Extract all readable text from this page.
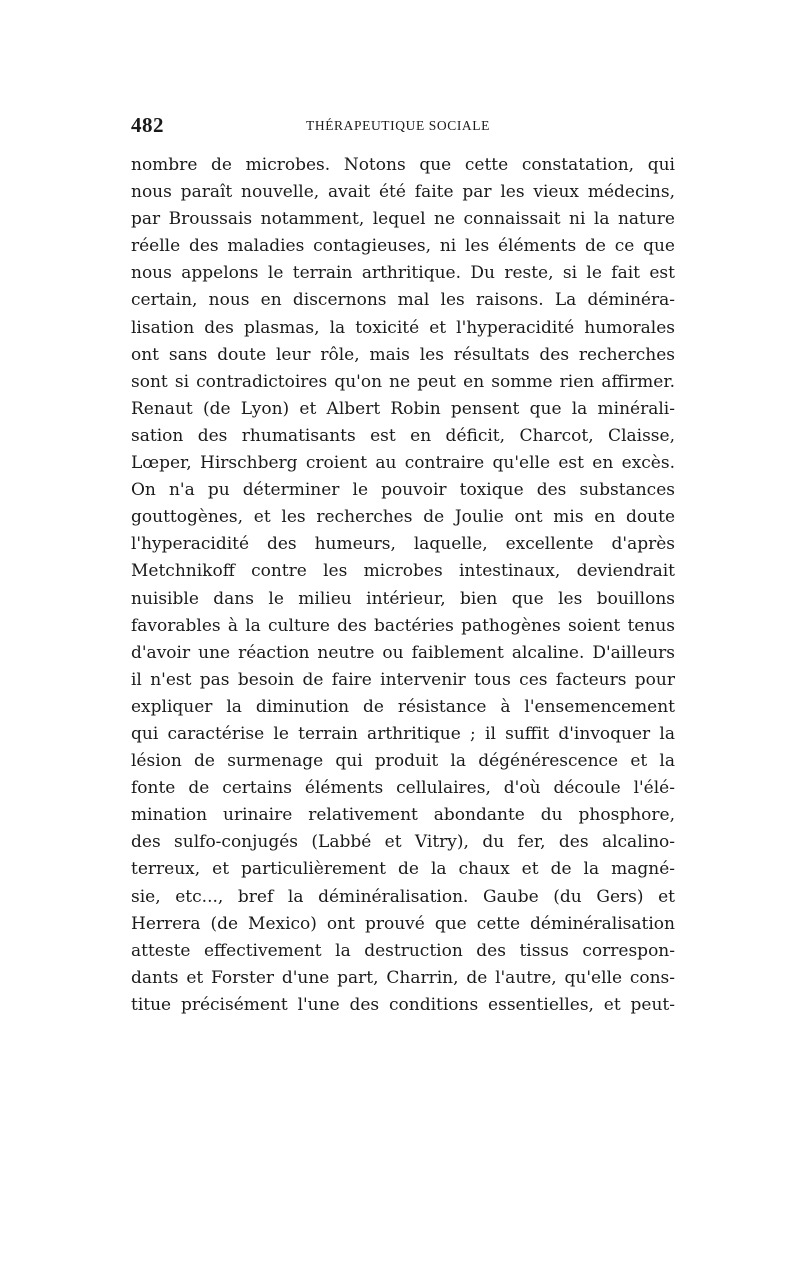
482	THÉRAPEUTIQUE SOCIALE
nombre de microbes. Notons que cette constatation, qui
nous paraît nouvelle, avait été faite par les vieux médecins,
par Broussais notamment, lequel ne connaissait ni la nature
réelle des maladies contagieuses, ni les éléments de ce que
nous appelons le terrain arthritique. Du reste, si le fait est
certain, nous en discernons mal les raisons. La déminéra-
lisation des plasmas, la toxicité et l'hyperacidité humorales
ont sans doute leur rôle, mais les résultats des recherches
sont si contradictoires qu'on ne peut en somme rien affirmer.
Renaut (de Lyon) et Albert Robin pensent que la minérali-
sation des rhumatisants est en déficit, Charcot, Claisse,
Lœper, Hirschberg croient au contraire qu'elle est en excès.
On n'a pu déterminer le pouvoir toxique des substances
gouttogènes, et les recherches de Joulie ont mis en doute
l'hyperacidité des humeurs, laquelle, excellente d'après
Metchnikoff contre les microbes intestinaux, deviendrait
nuisible dans le milieu intérieur, bien que les bouillons
favorables à la culture des bactéries pathogènes soient tenus
d'avoir une réaction neutre ou faiblement alcaline. D'ailleurs
il n'est pas besoin de faire intervenir tous ces facteurs pour
expliquer la diminution de résistance à l'ensemencement
qui caractérise le terrain arthritique ; il suffit d'invoquer la
lésion de surmenage qui produit la dégénérescence et la
fonte de certains éléments cellulaires, d'où découle l'élé-
mination urinaire relativement abondante du phosphore,
des sulfo-conjugés (Labbé et Vitry), du fer, des alcalino-
terreux, et particulièrement de la chaux et de la magné-
sie, etc..., bref la déminéralisation. Gaube (du Gers) et
Herrera (de Mexico) ont prouvé que cette déminéralisation
atteste effectivement la destruction des tissus correspon-
dants et Forster d'une part, Charrin, de l'autre, qu'elle cons-
titue précisément l'une des conditions essentielles, et peut-
